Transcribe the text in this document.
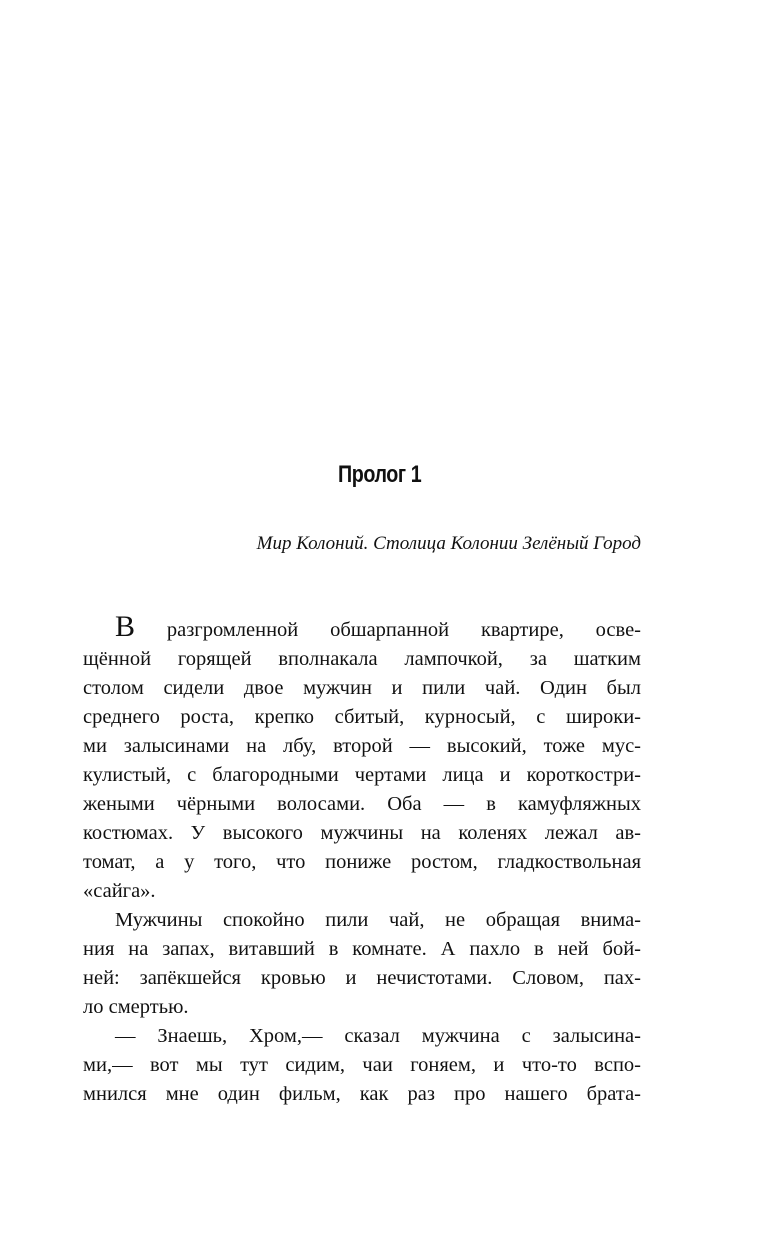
Пролог 1
Мир Колоний. Столица Колонии Зелёный Город
В разгромленной обшарпанной квартире, осве-
щённой горящей вполнакала лампочкой, за шатким
столом сидели двое мужчин и пили чай. Один был
среднего роста, крепко сбитый, курносый, с широки-
ми залысинами на лбу, второй — высокий, тоже мус-
кулистый, с благородными чертами лица и короткостри-
жеными чёрными волосами. Оба — в камуфляжных
костюмах. У высокого мужчины на коленях лежал ав-
томат, а у того, что пониже ростом, гладкоствольная
«сайга».
Мужчины спокойно пили чай, не обращая внима-
ния на запах, витавший в комнате. А пахло в ней бой-
ней: запёкшейся кровью и нечистотами. Словом, пах-
ло смертью.
— Знаешь, Хром,— сказал мужчина с залысина-
ми,— вот мы тут сидим, чаи гоняем, и что-то вспо-
мнился мне один фильм, как раз про нашего брата-
